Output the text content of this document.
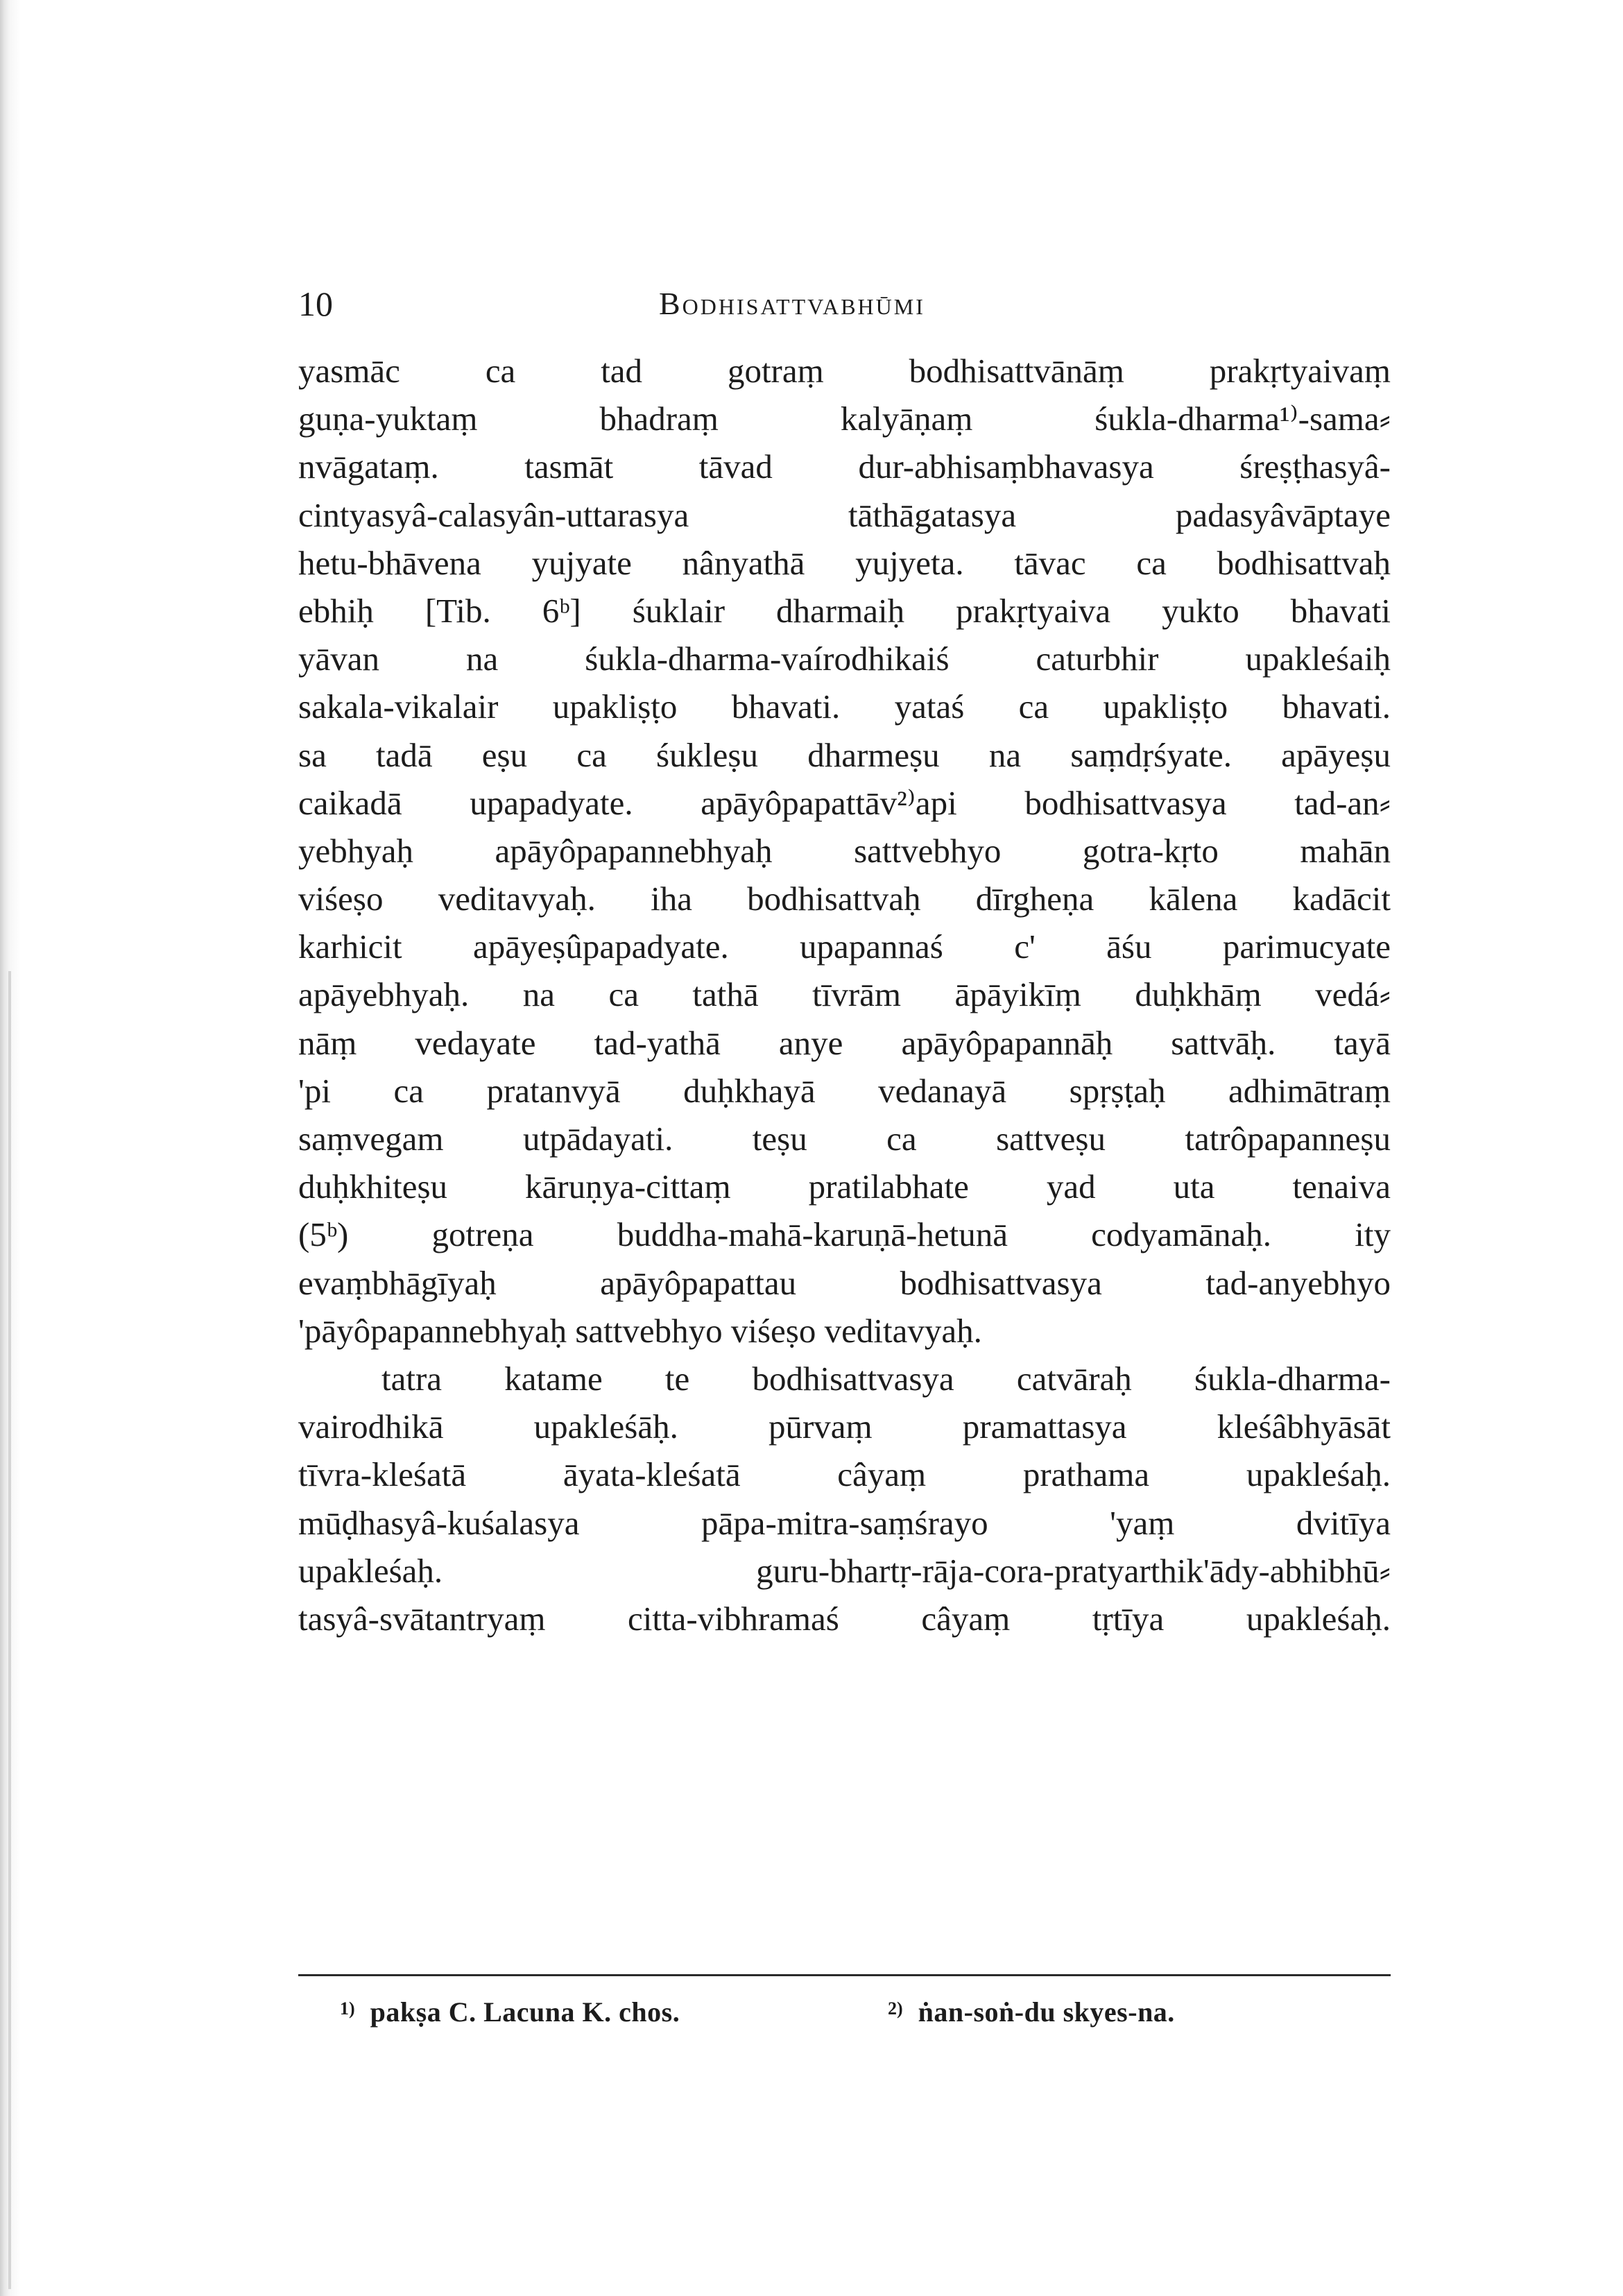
10	Bodhisattvabhūmi
yasmāc ca tad gotraṃ bodhisattvānāṃ prakṛtyaivaṃ
guṇa-yuktaṃ bhadraṃ kalyāṇaṃ śukla-dharma¹⁾-sama⸗
nvāgataṃ. tasmāt tāvad dur-abhisaṃbhavasya śreṣṭhasyâ-
cintyasyâ-calasyân-uttarasya tāthāgatasya padasyâvāptaye
hetu-bhāvena yujyate nânyathā yujyeta. tāvac ca bodhisattvaḥ
ebhiḥ [Tib. 6ᵇ] śuklair dharmaiḥ prakṛtyaiva yukto bhavati
yāvan na śukla-dharma-vaírodhikaiś caturbhir upakleśaiḥ
sakala-vikalair upakliṣṭo bhavati. yataś ca upakliṣṭo bhavati.
sa tadā eṣu ca śukleṣu dharmeṣu na saṃdṛśyate. apāyeṣu
caikadā upapadyate. apāyôpapattāv²⁾api bodhisattvasya tad-an⸗
yebhyaḥ apāyôpapannebhyaḥ sattvebhyo gotra-kṛto mahān
viśeṣo veditavyaḥ. iha bodhisattvaḥ dīrgheṇa kālena kadācit
karhicit apāyeṣûpapadyate. upapannaś c' āśu parimucyate
apāyebhyaḥ. na ca tathā tīvrām āpāyikīṃ duḥkhāṃ vedá⸗
nāṃ vedayate tad-yathā anye apāyôpapannāḥ sattvāḥ. tayā
'pi ca pratanvyā duḥkhayā vedanayā spṛṣṭaḥ adhimātraṃ
saṃvegam utpādayati. teṣu ca sattveṣu tatrôpapanneṣu
duḥkhiteṣu kāruṇya-cittaṃ pratilabhate yad uta tenaiva
(5ᵇ) gotreṇa buddha-mahā-karuṇā-hetunā codyamānaḥ. ity
evaṃbhāgīyaḥ apāyôpapattau bodhisattvasya tad-anyebhyo
'pāyôpapannebhyaḥ sattvebhyo viśeṣo veditavyaḥ.
tatra katame te bodhisattvasya catvāraḥ śukla-dharma-
vairodhikā upakleśāḥ. pūrvaṃ pramattasya kleśâbhyāsāt
tīvra-kleśatā āyata-kleśatā câyaṃ prathama upakleśaḥ.
mūḍhasyâ-kuśalasya pāpa-mitra-saṃśrayo 'yaṃ dvitīya
upakleśaḥ. guru-bhartṛ-rāja-cora-pratyarthik'ādy-abhibhū⸗
tasyâ-svātantryaṃ citta-vibhramaś câyaṃ tṛtīya upakleśaḥ.
$^{1)}$ pakṣa C. Lacuna K. chos.	$^{2)}$ ṅan-soṅ-du skyes-na.
